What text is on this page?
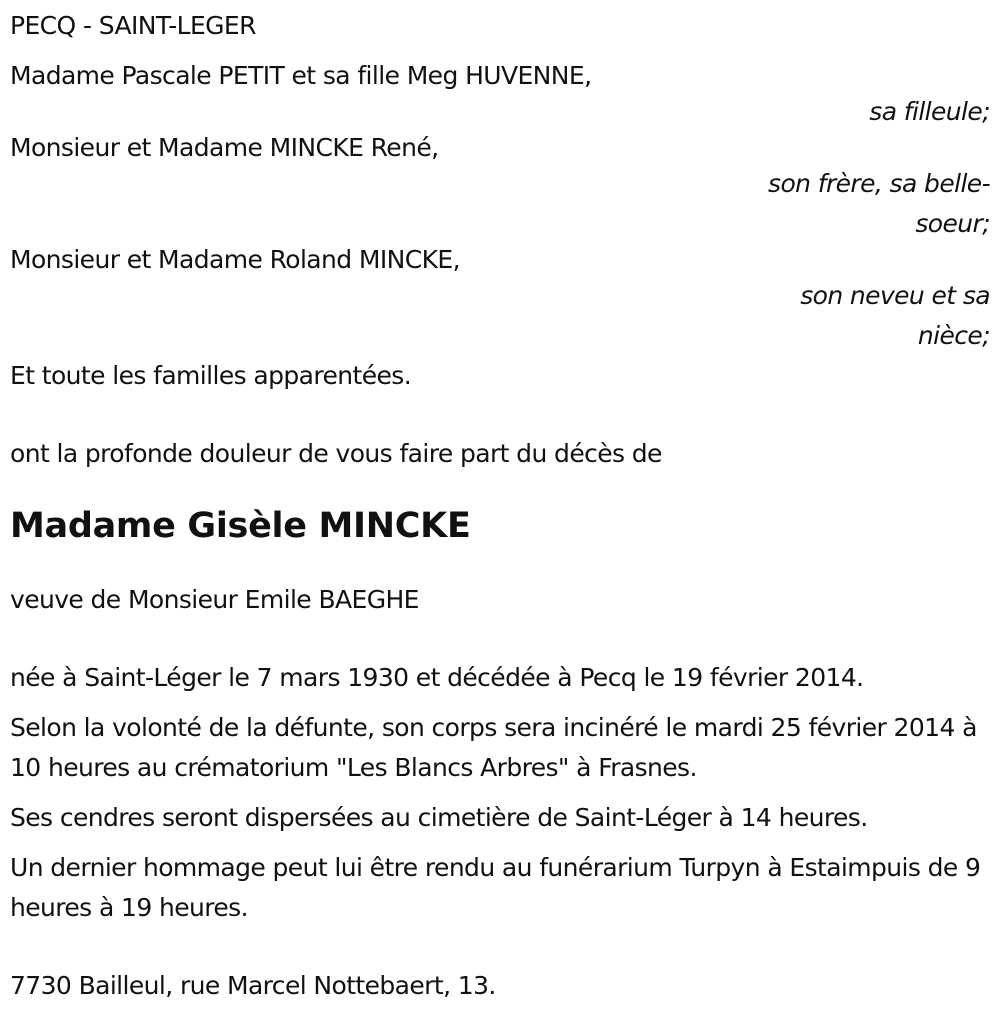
PECQ - SAINT-LEGER
Madame Pascale PETIT et sa fille Meg HUVENNE,
sa filleule;
Monsieur et Madame MINCKE René,
son frère, sa belle-soeur;
Monsieur et Madame Roland MINCKE,
son neveu et sa nièce;
Et toute les familles apparentées.
ont la profonde douleur de vous faire part du décès de
Madame Gisèle MINCKE
veuve de Monsieur Emile BAEGHE
née à Saint-Léger le 7 mars 1930 et décédée à Pecq le 19 février 2014.
Selon la volonté de la défunte, son corps sera incinéré le mardi 25 février 2014 à 10 heures au crématorium "Les Blancs Arbres" à Frasnes.
Ses cendres seront dispersées au cimetière de Saint-Léger à 14 heures.
Un dernier hommage peut lui être rendu au funérarium Turpyn à Estaimpuis de 9 heures à 19 heures.
7730 Bailleul, rue Marcel Nottebaert, 13.
